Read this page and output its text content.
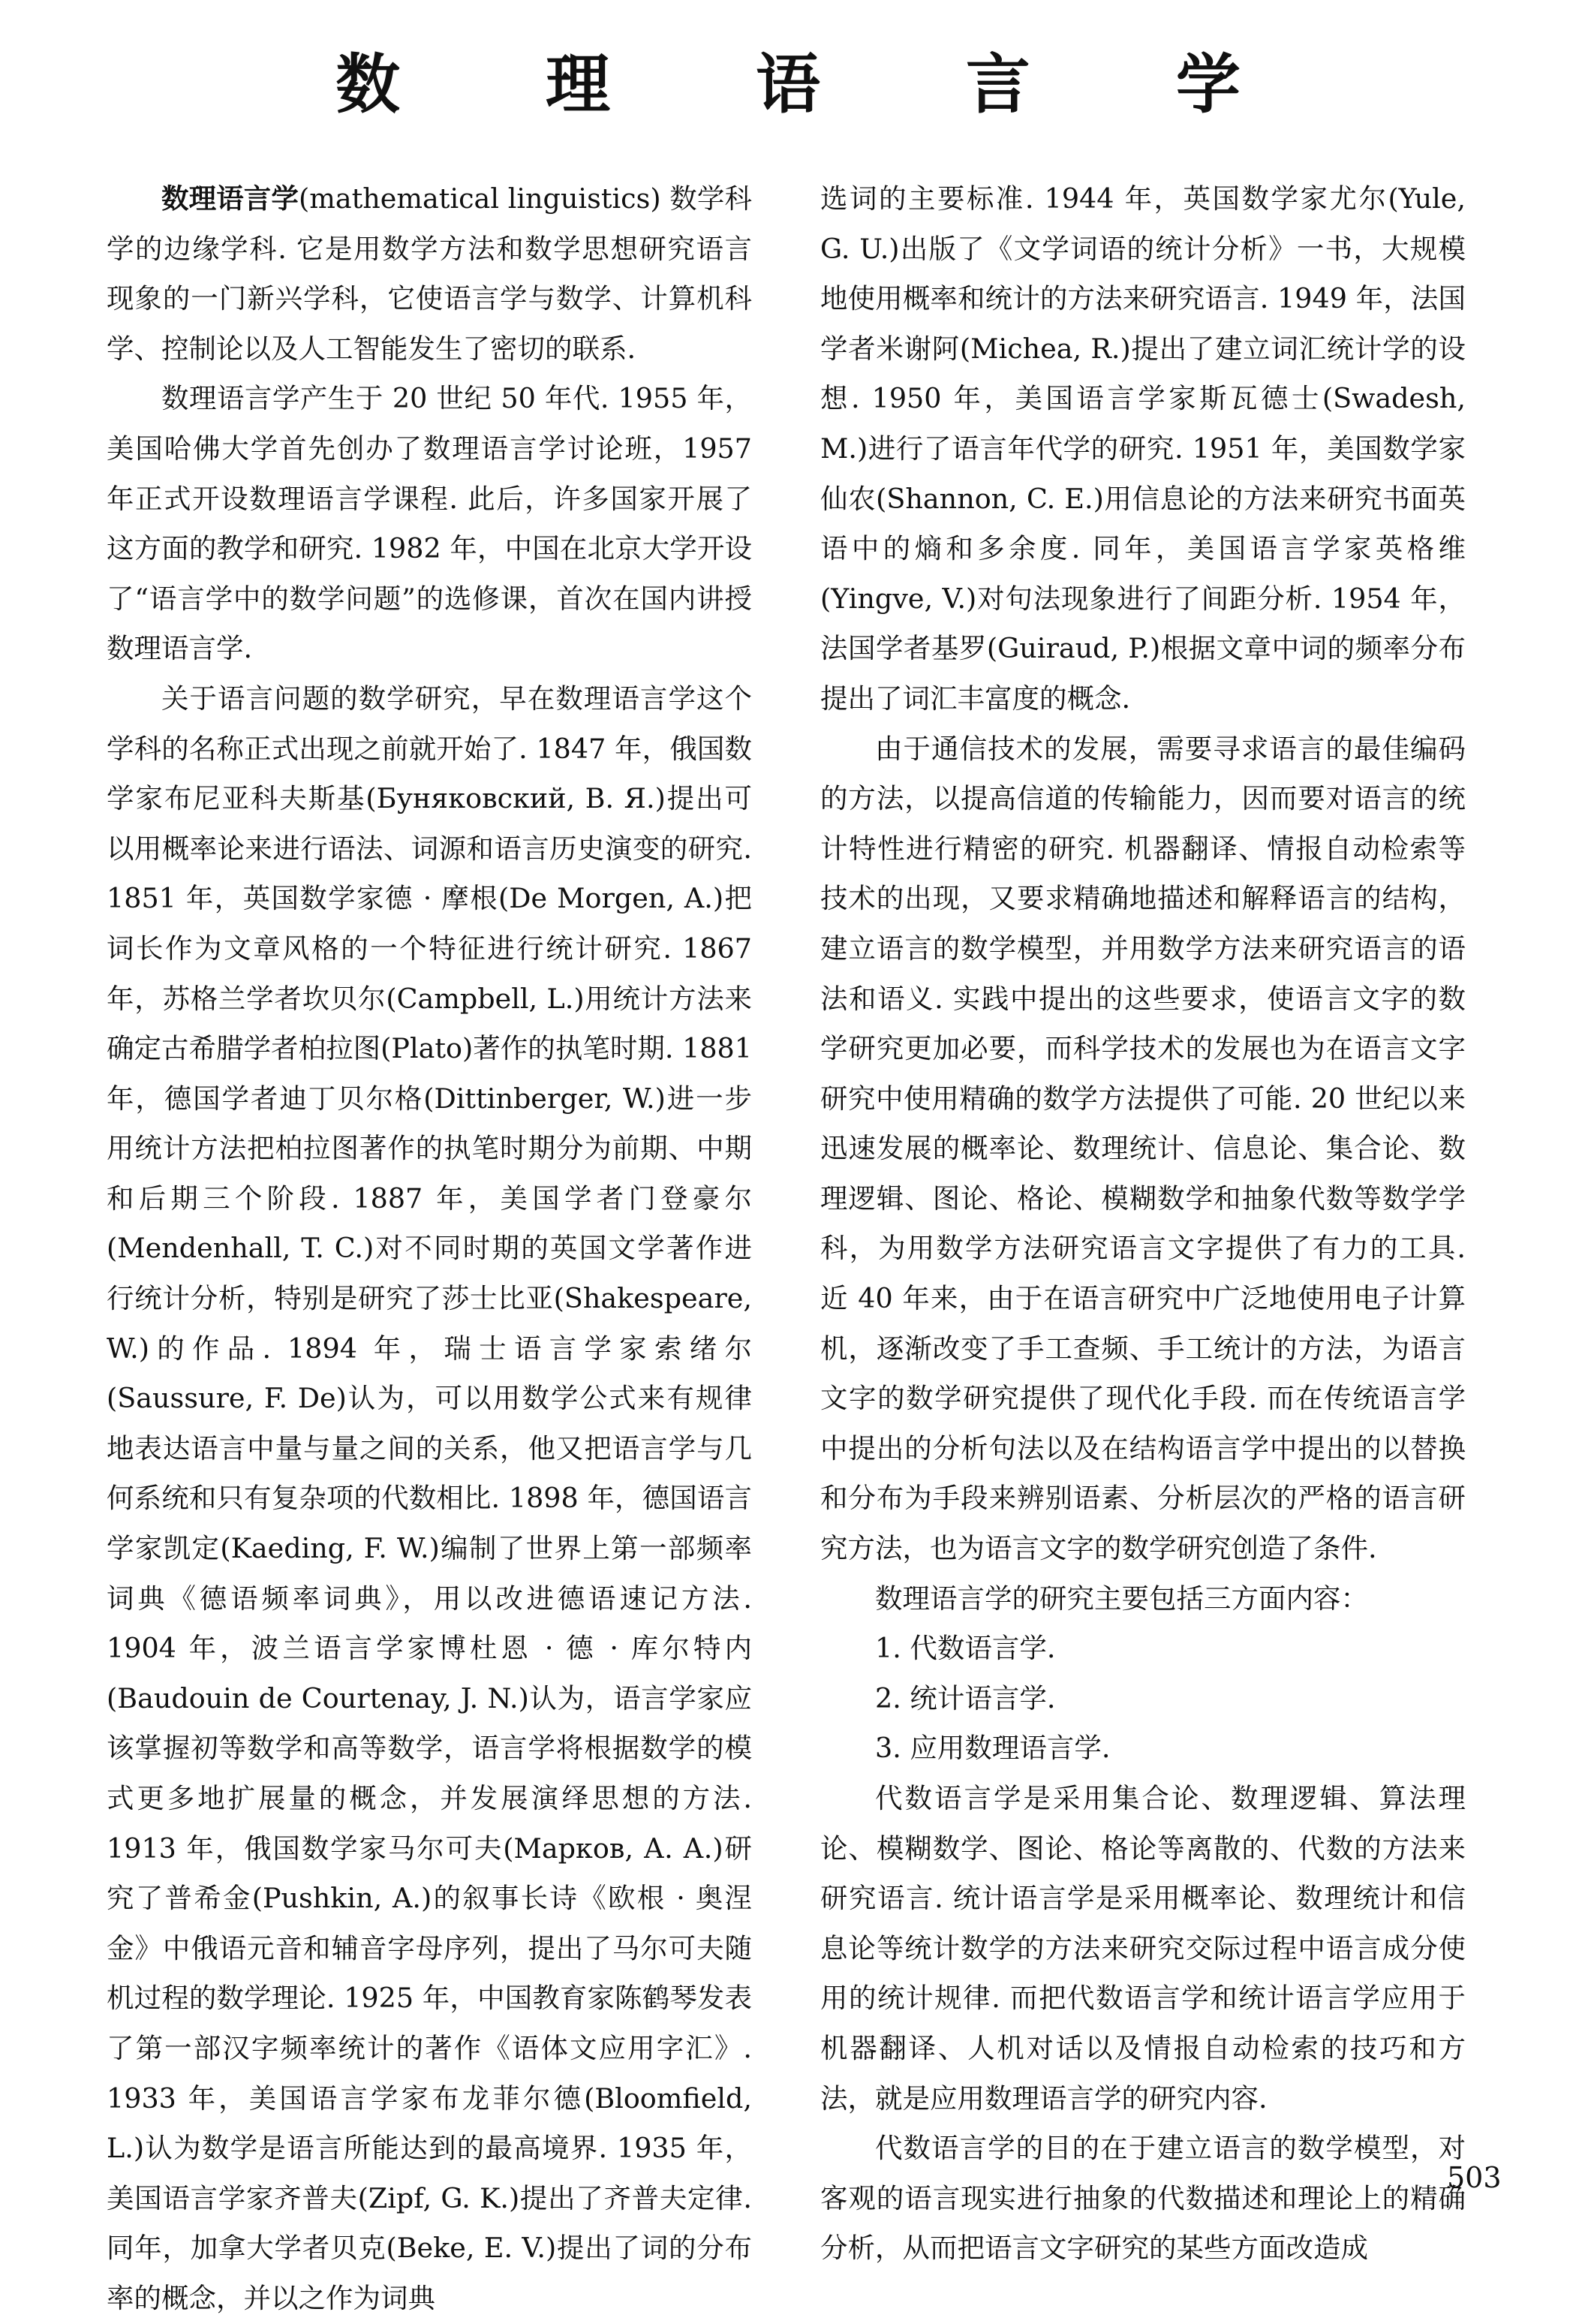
数 理 语 言 学

数理语言学(mathematical linguistics) 数学科学的边缘学科. 它是用数学方法和数学思想研究语言现象的一门新兴学科，它使语言学与数学、计算机科学、控制论以及人工智能发生了密切的联系.

数理语言学产生于 20 世纪 50 年代. 1955 年，美国哈佛大学首先创办了数理语言学讨论班，1957 年正式开设数理语言学课程. 此后，许多国家开展了这方面的教学和研究. 1982 年，中国在北京大学开设了“语言学中的数学问题”的选修课，首次在国内讲授数理语言学.

关于语言问题的数学研究，早在数理语言学这个学科的名称正式出现之前就开始了. 1847 年，俄国数学家布尼亚科夫斯基(Буняковский, В. Я.)提出可以用概率论来进行语法、词源和语言历史演变的研究. 1851 年，英国数学家德 · 摩根(De Morgen, A.)把词长作为文章风格的一个特征进行统计研究. 1867 年，苏格兰学者坎贝尔(Campbell, L.)用统计方法来确定古希腊学者柏拉图(Plato)著作的执笔时期. 1881 年，德国学者迪丁贝尔格(Dittinberger, W.)进一步用统计方法把柏拉图著作的执笔时期分为前期、中期和后期三个阶段. 1887 年，美国学者门登豪尔(Mendenhall, T. C.)对不同时期的英国文学著作进行统计分析，特别是研究了莎士比亚(Shakespeare, W.)的作品. 1894 年，瑞士语言学家索绪尔(Saussure, F. De)认为，可以用数学公式来有规律地表达语言中量与量之间的关系，他又把语言学与几何系统和只有复杂项的代数相比. 1898 年，德国语言学家凯定(Kaeding, F. W.)编制了世界上第一部频率词典《德语频率词典》，用以改进德语速记方法. 1904 年，波兰语言学家博杜恩 · 德 · 库尔特内(Baudouin de Courtenay, J. N.)认为，语言学家应该掌握初等数学和高等数学，语言学将根据数学的模式更多地扩展量的概念，并发展演绎思想的方法. 1913 年，俄国数学家马尔可夫(Марков, А. А.)研究了普希金(Pushkin, A.)的叙事长诗《欧根 · 奥涅金》中俄语元音和辅音字母序列，提出了马尔可夫随机过程的数学理论. 1925 年，中国教育家陈鹤琴发表了第一部汉字频率统计的著作《语体文应用字汇》. 1933 年，美国语言学家布龙菲尔德(Bloomfield, L.)认为数学是语言所能达到的最高境界. 1935 年，美国语言学家齐普夫(Zipf, G. K.)提出了齐普夫定律. 同年，加拿大学者贝克(Beke, E. V.)提出了词的分布率的概念，并以之作为词典

选词的主要标准. 1944 年，英国数学家尤尔(Yule, G. U.)出版了《文学词语的统计分析》一书，大规模地使用概率和统计的方法来研究语言. 1949 年，法国学者米谢阿(Michea, R.)提出了建立词汇统计学的设想. 1950 年，美国语言学家斯瓦德士(Swadesh, M.)进行了语言年代学的研究. 1951 年，美国数学家仙农(Shannon, C. E.)用信息论的方法来研究书面英语中的熵和多余度. 同年，美国语言学家英格维(Yingve, V.)对句法现象进行了间距分析. 1954 年，法国学者基罗(Guiraud, P.)根据文章中词的频率分布提出了词汇丰富度的概念.

由于通信技术的发展，需要寻求语言的最佳编码的方法，以提高信道的传输能力，因而要对语言的统计特性进行精密的研究. 机器翻译、情报自动检索等技术的出现，又要求精确地描述和解释语言的结构，建立语言的数学模型，并用数学方法来研究语言的语法和语义. 实践中提出的这些要求，使语言文字的数学研究更加必要，而科学技术的发展也为在语言文字研究中使用精确的数学方法提供了可能. 20 世纪以来迅速发展的概率论、数理统计、信息论、集合论、数理逻辑、图论、格论、模糊数学和抽象代数等数学学科，为用数学方法研究语言文字提供了有力的工具. 近 40 年来，由于在语言研究中广泛地使用电子计算机，逐渐改变了手工查频、手工统计的方法，为语言文字的数学研究提供了现代化手段. 而在传统语言学中提出的分析句法以及在结构语言学中提出的以替换和分布为手段来辨别语素、分析层次的严格的语言研究方法，也为语言文字的数学研究创造了条件.

数理语言学的研究主要包括三方面内容：

1. 代数语言学.

2. 统计语言学.

3. 应用数理语言学.

代数语言学是采用集合论、数理逻辑、算法理论、模糊数学、图论、格论等离散的、代数的方法来研究语言. 统计语言学是采用概率论、数理统计和信息论等统计数学的方法来研究交际过程中语言成分使用的统计规律. 而把代数语言学和统计语言学应用于机器翻译、人机对话以及情报自动检索的技巧和方法，就是应用数理语言学的研究内容.

代数语言学的目的在于建立语言的数学模型，对客观的语言现实进行抽象的代数描述和理论上的精确分析，从而把语言文字研究的某些方面改造成

503
